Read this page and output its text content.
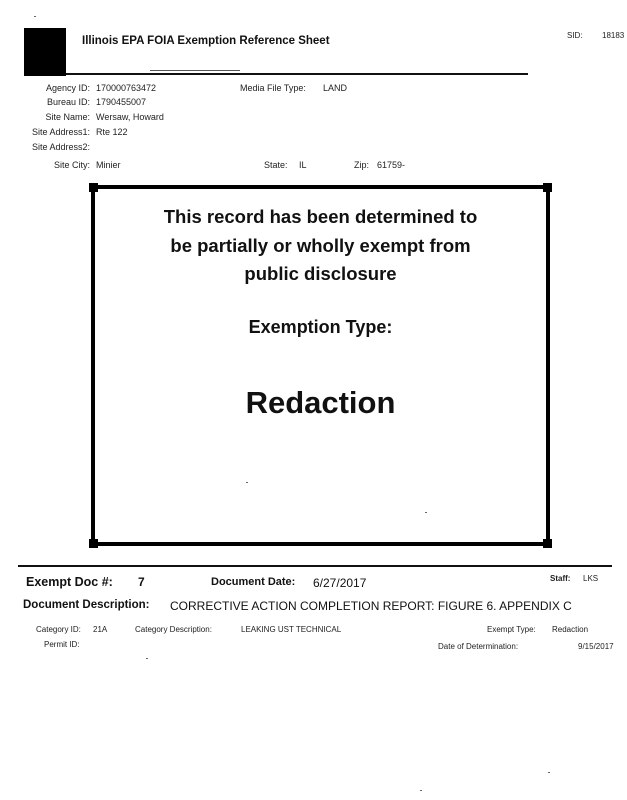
Illinois EPA FOIA Exemption Reference Sheet	SID: 18183
Agency ID: 170000763472
Bureau ID: 1790455007
Site Name: Wersaw, Howard
Site Address1: Rte 122
Site Address2:
Site City: Minier
Media File Type: LAND
State: IL	Zip: 61759-
This record has been determined to
be partially or wholly exempt from
public disclosure
Exemption Type:
Redaction
Exempt Doc #: 7	Document Date: 6/27/2017	Staff: LKS
Document Description: CORRECTIVE ACTION COMPLETION REPORT: FIGURE 6. APPENDIX C
Category ID: 21A	Category Description:	LEAKING UST TECHNICAL	Exempt Type: Redaction
Permit ID:	Date of Determination:	9/15/2017
